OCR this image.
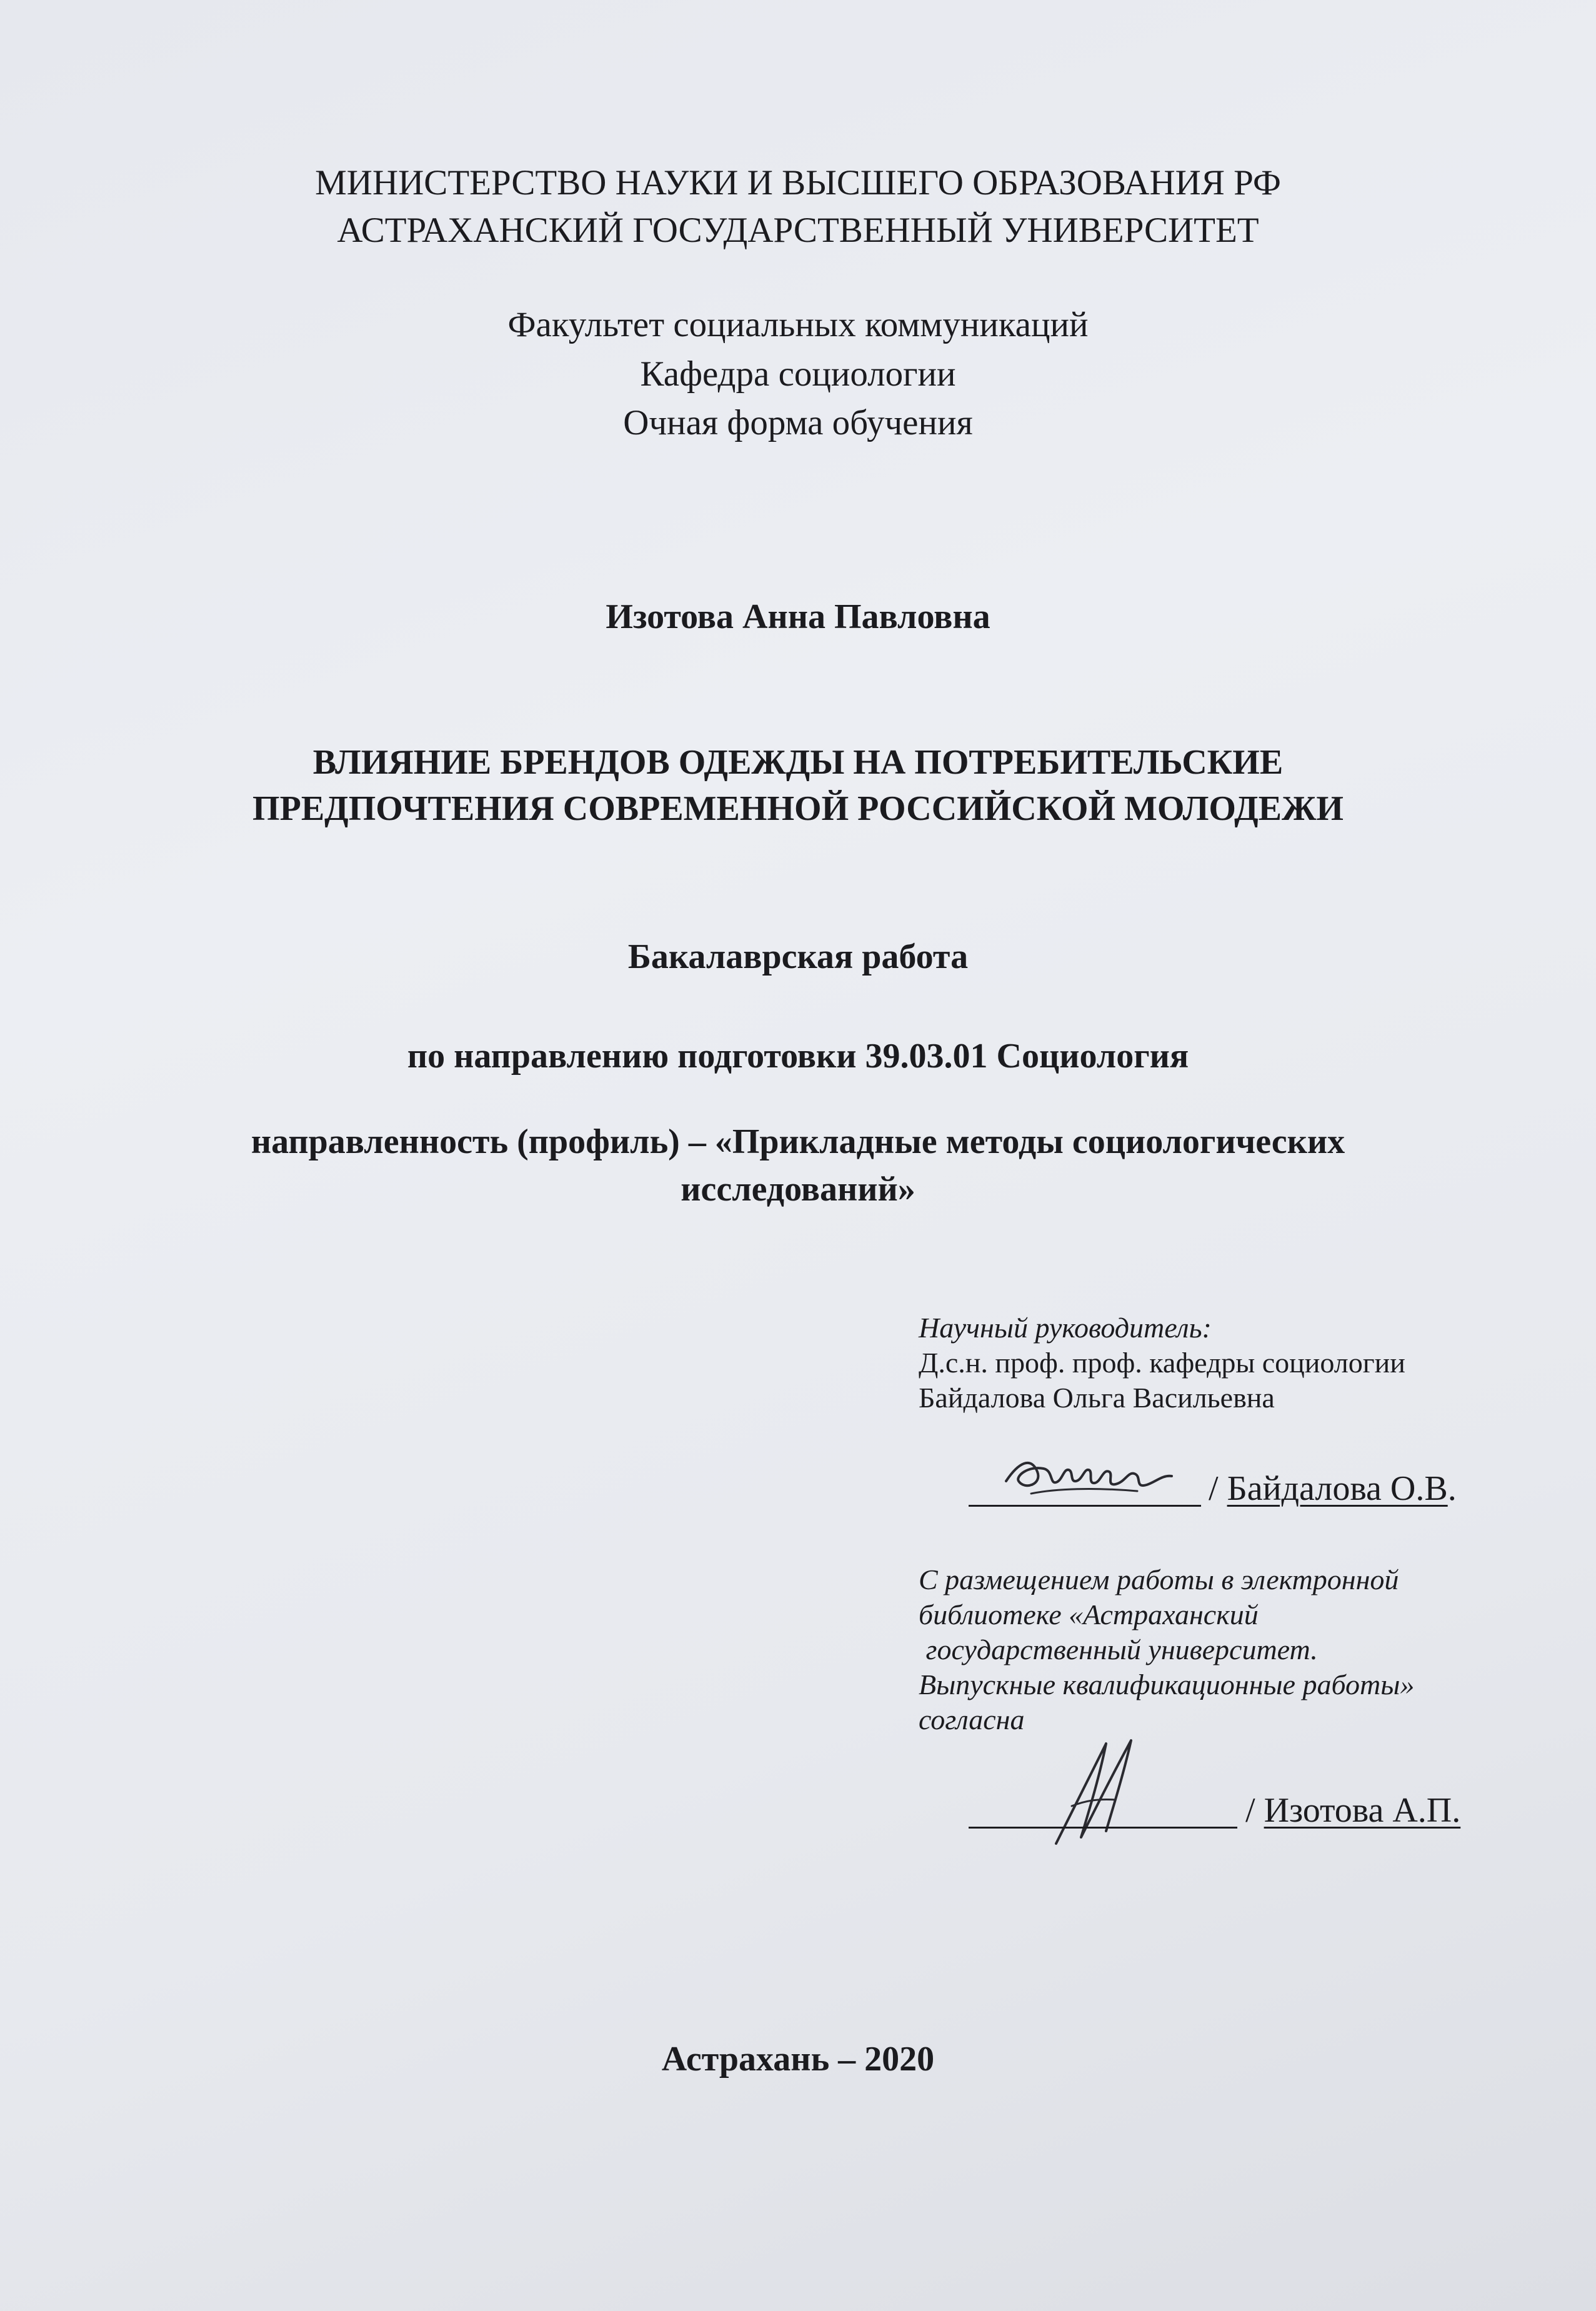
МИНИСТЕРСТВО НАУКИ И ВЫСШЕГО ОБРАЗОВАНИЯ РФ
АСТРАХАНСКИЙ ГОСУДАРСТВЕННЫЙ УНИВЕРСИТЕТ
Факультет социальных коммуникаций
Кафедра социологии
Очная форма обучения
Изотова Анна Павловна
ВЛИЯНИЕ БРЕНДОВ ОДЕЖДЫ НА ПОТРЕБИТЕЛЬСКИЕ
ПРЕДПОЧТЕНИЯ СОВРЕМЕННОЙ РОССИЙСКОЙ МОЛОДЕЖИ
Бакалаврская работа
по направлению подготовки 39.03.01 Социология
направленность (профиль) – «Прикладные методы социологических
исследований»
Научный руководитель:
Д.с.н. проф. проф. кафедры социологии
Байдалова Ольга Васильевна
/ Байдалова О.В.
С размещением работы в электронной
библиотеке «Астраханский
государственный университет.
Выпускные квалификационные работы»
согласна
/ Изотова А.П.
Астрахань – 2020
